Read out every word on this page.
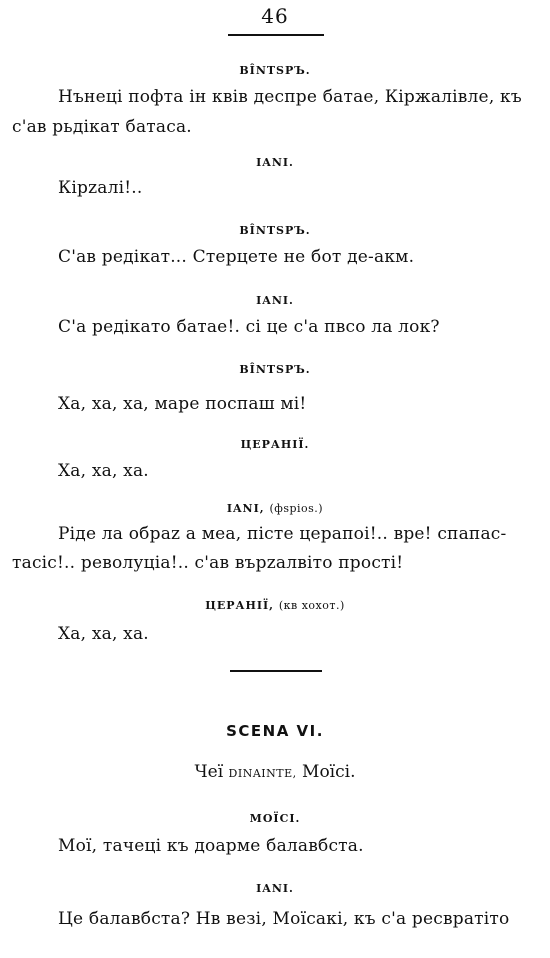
46
BÎNTSРЪ.
Нънеці пофта ін квів деспре батае, Кіржалівле, къ
с'ав рьдікат батаса.
IANI.
Кірzалі!..
BÎNTSРЪ.
С'ав редікат... Стерцете не бот де-акм.
IANI.
С'а редікато батае!. сі це с'а пвсо ла лок?
BÎNTSРЪ.
Ха, ха, ха, маре поспаш мі!
ЦЕРАНІЇ.
Ха, ха, ха.
IANI, (фsріоs.)
Ріде ла обраz а меа, пісте церапоі!.. вре! спапас-
тасіс!.. револуціа!.. с'ав върzалвіто прості!
ЦЕРАНІЇ, (кв хохот.)
Ха, ха, ха.
SCENA VI.
Чеї DINAINTE, Моїсі.
МОЇСІ.
Мої, тачеці къ доарме балавбста.
IANI.
Це балавбста? Нв везі, Моїсакі, къ с'а ресвратіто
